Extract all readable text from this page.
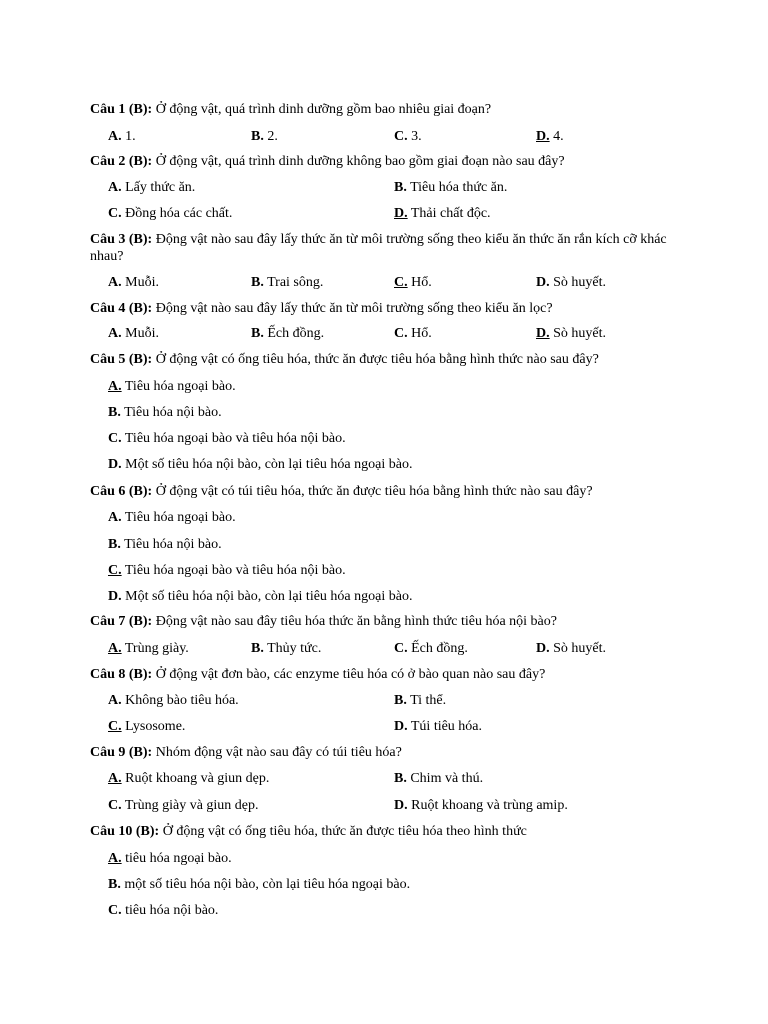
Câu 1 (B): Ở động vật, quá trình dinh dưỡng gồm bao nhiêu giai đoạn?
A. 1.	B. 2.	C. 3.	D. 4.
Câu 2 (B): Ở động vật, quá trình dinh dưỡng không bao gồm giai đoạn nào sau đây?
A. Lấy thức ăn.	B. Tiêu hóa thức ăn.
C. Đồng hóa các chất.	D. Thải chất độc.
Câu 3 (B): Động vật nào sau đây lấy thức ăn từ môi trường sống theo kiểu ăn thức ăn rắn kích cỡ khác nhau?
A. Muỗi.	B. Trai sông.	C. Hổ.	D. Sò huyết.
Câu 4 (B): Động vật nào sau đây lấy thức ăn từ môi trường sống theo kiểu ăn lọc?
A. Muỗi.	B. Ếch đồng.	C. Hổ.	D. Sò huyết.
Câu 5 (B): Ở động vật có ống tiêu hóa, thức ăn được tiêu hóa bằng hình thức nào sau đây?
A. Tiêu hóa ngoại bào.
B. Tiêu hóa nội bào.
C. Tiêu hóa ngoại bào và tiêu hóa nội bào.
D. Một số tiêu hóa nội bào, còn lại tiêu hóa ngoại bào.
Câu 6 (B): Ở động vật có túi tiêu hóa, thức ăn được tiêu hóa bằng hình thức nào sau đây?
A. Tiêu hóa ngoại bào.
B. Tiêu hóa nội bào.
C. Tiêu hóa ngoại bào và tiêu hóa nội bào.
D. Một số tiêu hóa nội bào, còn lại tiêu hóa ngoại bào.
Câu 7 (B): Động vật nào sau đây tiêu hóa thức ăn bằng hình thức tiêu hóa nội bào?
A. Trùng giày.	B. Thủy tức.	C. Ếch đồng.	D. Sò huyết.
Câu 8 (B): Ở động vật đơn bào, các enzyme tiêu hóa có ở bào quan nào sau đây?
A. Không bào tiêu hóa.	B. Ti thể.
C. Lysosome.	D. Túi tiêu hóa.
Câu 9 (B): Nhóm động vật nào sau đây có túi tiêu hóa?
A. Ruột khoang và giun dẹp.	B. Chim và thú.
C. Trùng giày và giun dẹp.	D. Ruột khoang và trùng amip.
Câu 10 (B): Ở động vật có ống tiêu hóa, thức ăn được tiêu hóa theo hình thức
A. tiêu hóa ngoại bào.
B. một số tiêu hóa nội bào, còn lại tiêu hóa ngoại bào.
C. tiêu hóa nội bào.
